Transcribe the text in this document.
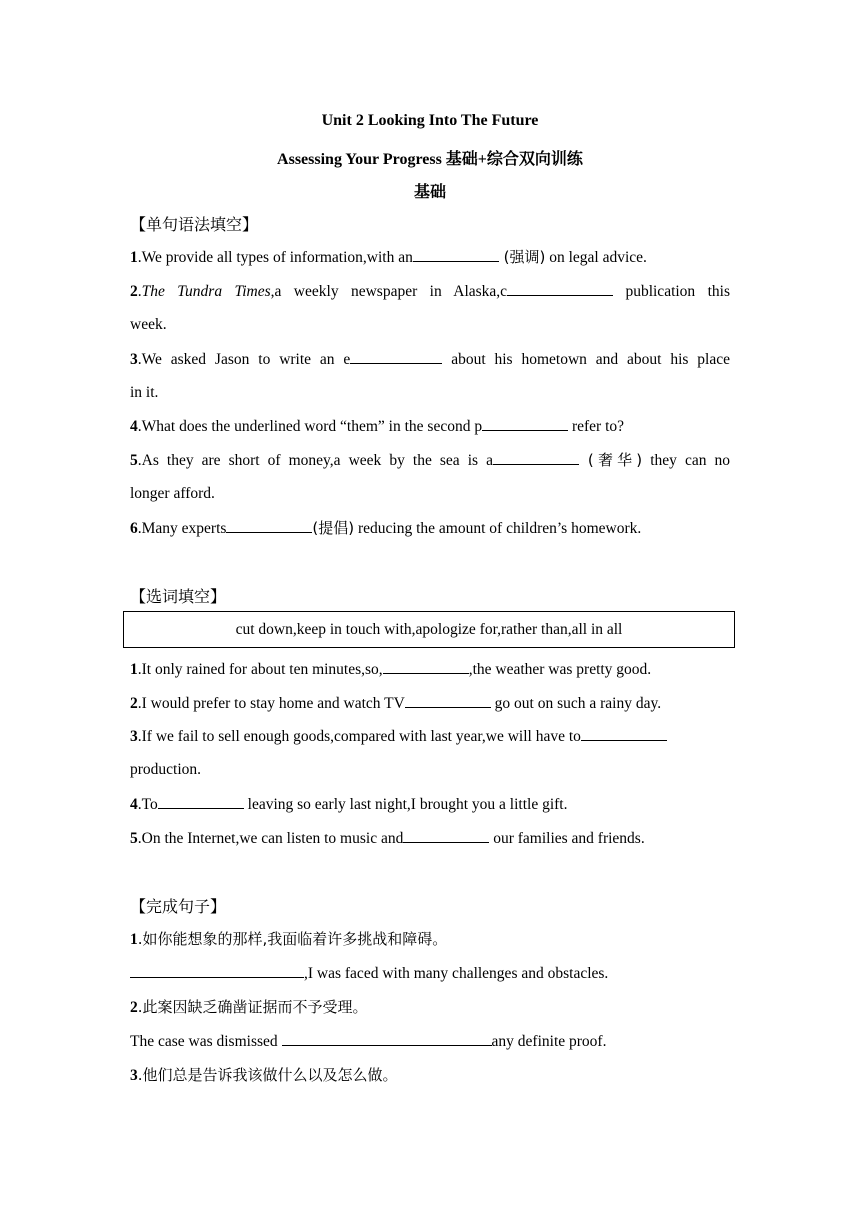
Unit 2 Looking Into The Future
Assessing Your Progress 基础+综合双向训练
基础
【单句语法填空】
1.We provide all types of information,with an	(强调) on legal advice.
2.The Tundra Times,a weekly newspaper in Alaska,c	publication this
week.
3.We asked Jason to write an e	about his hometown and about his place
in it.
4.What does the underlined word “them” in the second p	refer to?
5.As they are short of money,a week by the sea is a	(奢华) they can no
longer afford.
6.Many experts	(提倡) reducing the amount of children’s homework.
【选词填空】
cut down,keep in touch with,apologize for,rather than,all in all
1.It only rained for about ten minutes,so,	,the weather was pretty good.
2.I would prefer to stay home and watch TV	go out on such a rainy day.
3.If we fail to sell enough goods,compared with last year,we will have to
production.
4.To	leaving so early last night,I brought you a little gift.
5.On the Internet,we can listen to music and	our families and friends.
【完成句子】
1.如你能想象的那样,我面临着许多挑战和障碍。
,I was faced with many challenges and obstacles.
2.此案因缺乏确凿证据而不予受理。
The case was dismissed	any definite proof.
3.他们总是告诉我该做什么以及怎么做。
